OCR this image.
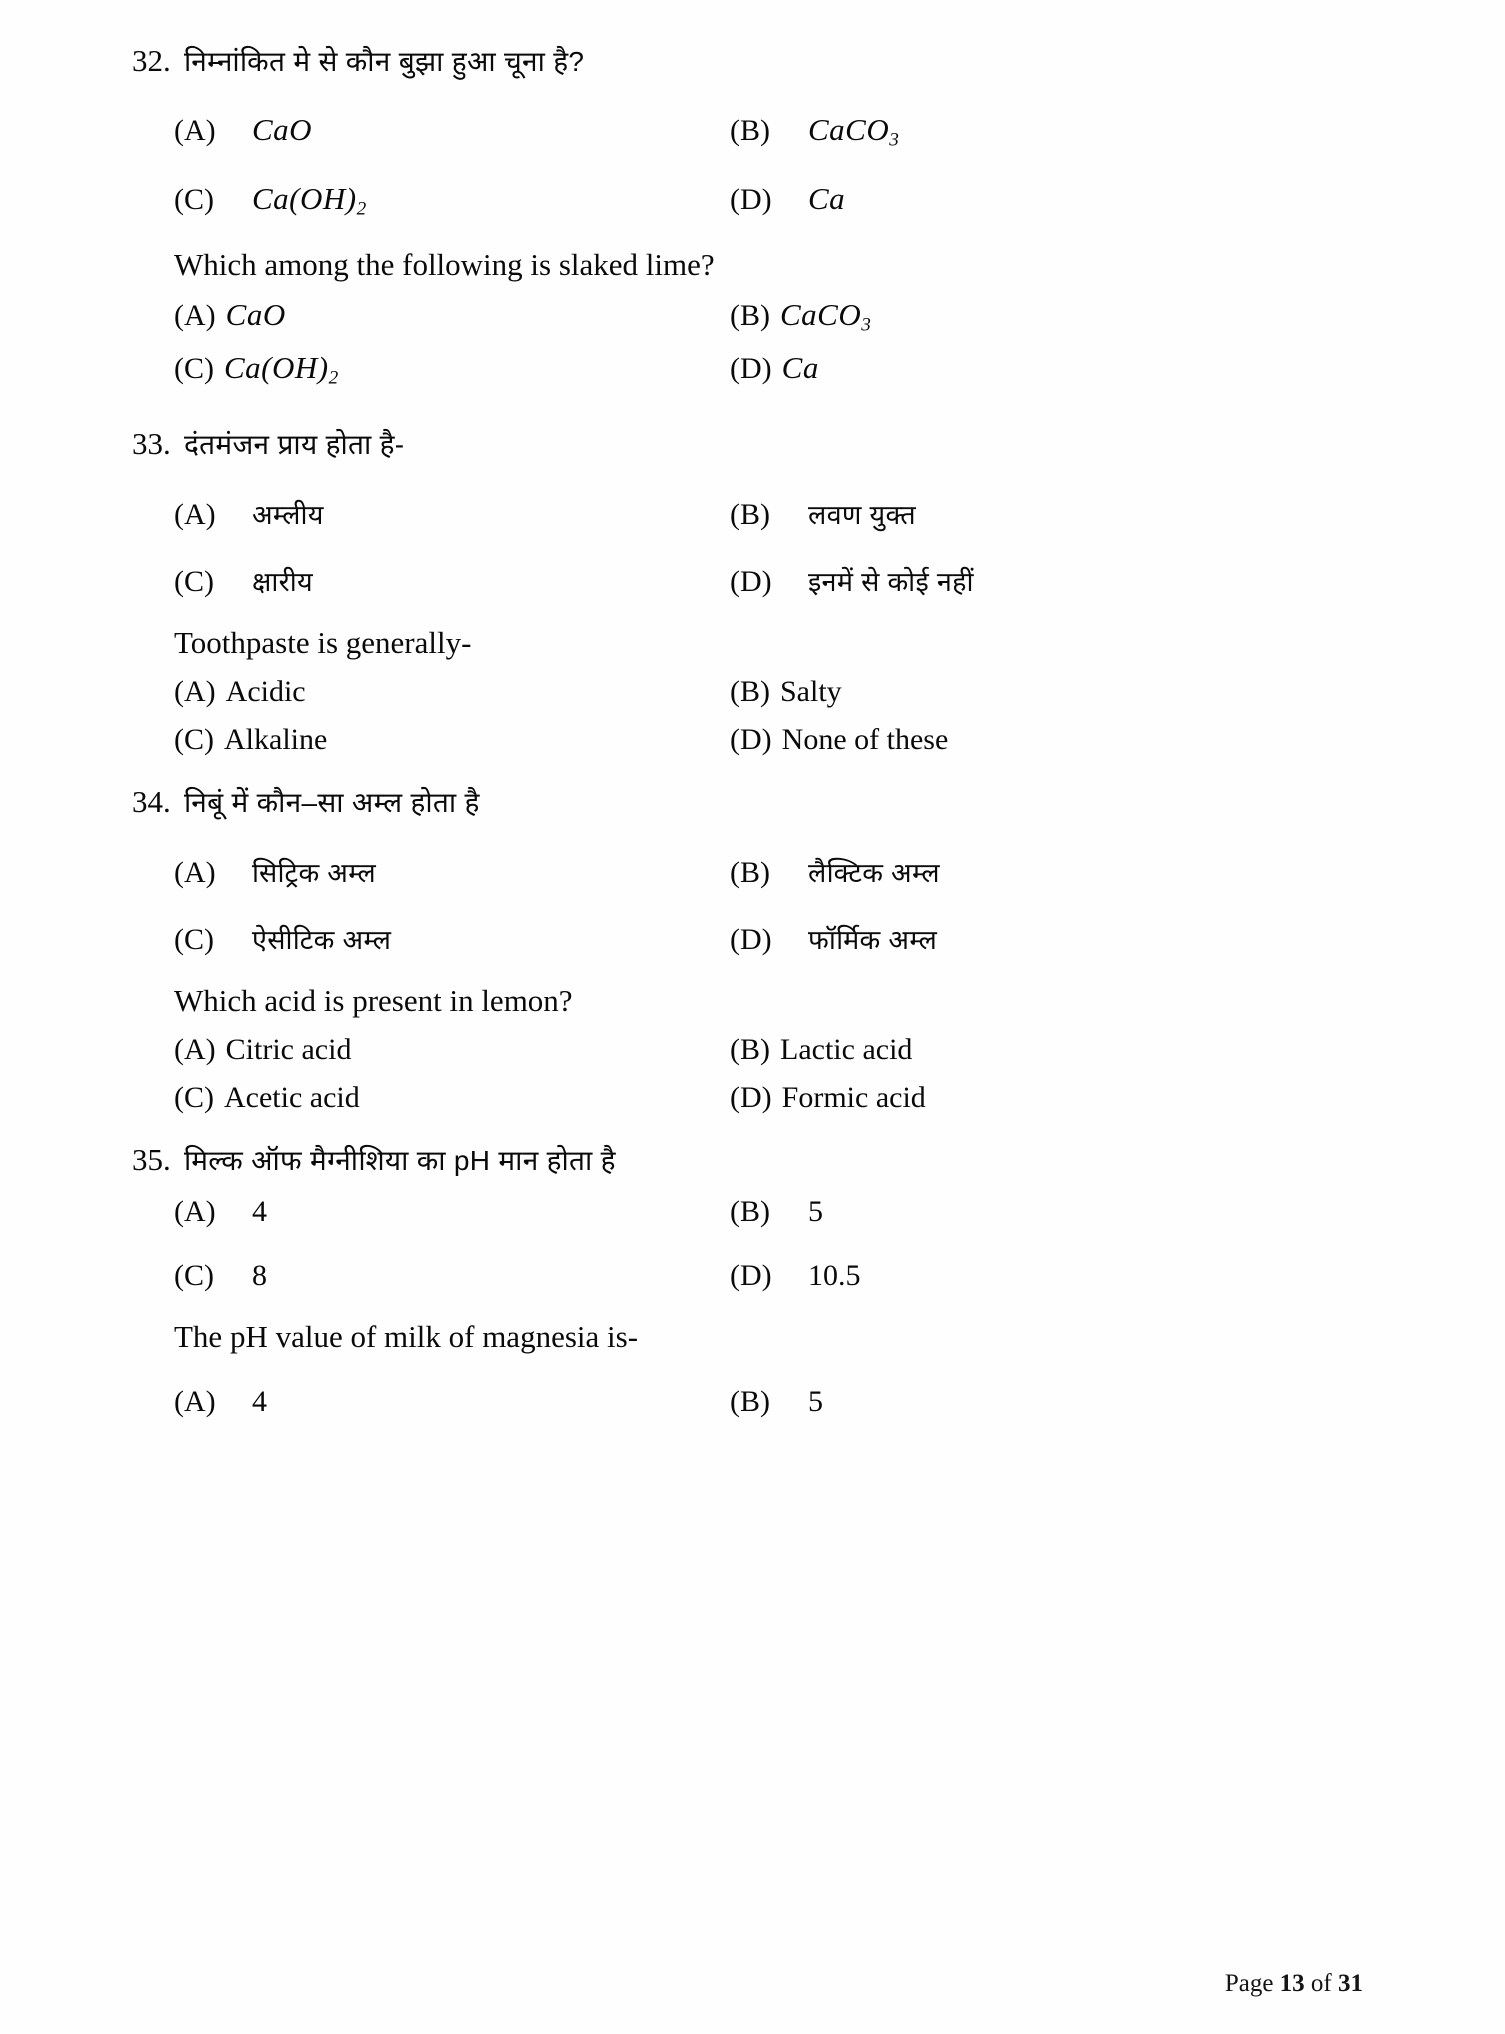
32. निम्नांकित मे से कौन बुझा हुआ चूना है?
(A)	CaO	(B)	CaCO$_3$
(C)	$Ca(OH)_2$	(D)	Ca
Which among the following is slaked lime?
(A) CaO	(B) CaCO$_3$
(C) $Ca(OH)_2$	(D) Ca
33. दंतमंजन प्राय होता है-
(A)	अम्लीय	(B)	लवण युक्त
(C)	क्षारीय	(D)	इनमें से कोई नहीं
Toothpaste is generally-
(A) Acidic	(B) Salty
(C) Alkaline	(D) None of these
34. निबूं में कौन–सा अम्ल होता है
(A)	सिट्रिक अम्ल	(B)	लैक्टिक अम्ल
(C)	ऐसीटिक अम्ल	(D)	फॉर्मिक अम्ल
Which acid is present in lemon?
(A) Citric acid	(B) Lactic acid
(C) Acetic acid	(D) Formic acid
35. मिल्क ऑफ मैग्नीशिया का pH मान होता है
(A)	4	(B)	5
(C)	8	(D)	10.5
The pH value of milk of magnesia is-
(A)	4	(B)	5
Page 13 of 31
